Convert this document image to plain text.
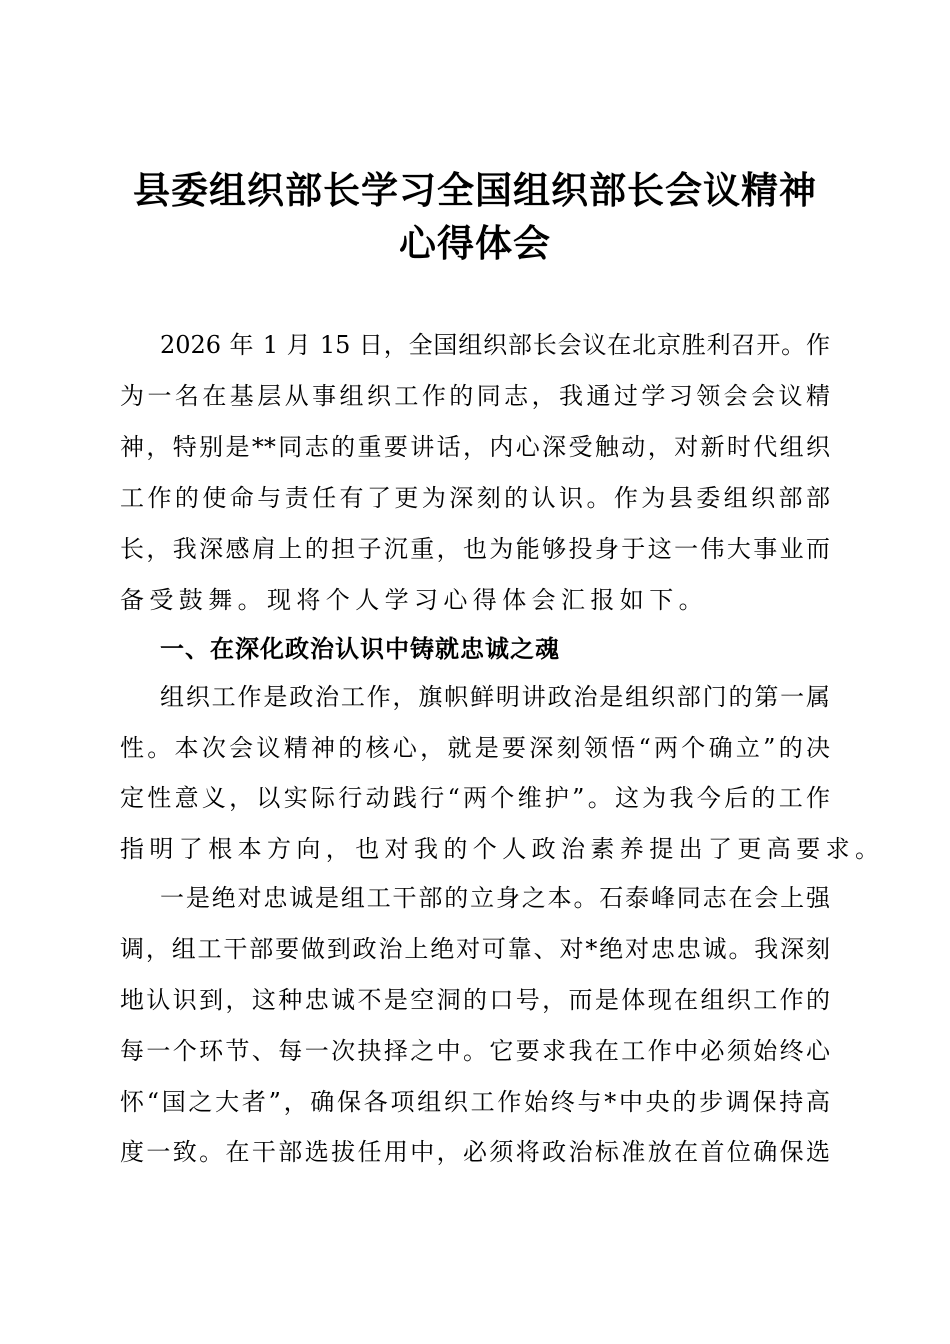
县委组织部长学习全国组织部长会议精神
心得体会
2026 年 1 月 15 日，全国组织部长会议在北京胜利召开。作
为一名在基层从事组织工作的同志，我通过学习领会会议精
神，特别是**同志的重要讲话，内心深受触动，对新时代组织
工作的使命与责任有了更为深刻的认识。作为县委组织部部
长，我深感肩上的担子沉重，也为能够投身于这一伟大事业而
备受鼓舞。现将个人学习心得体会汇报如下。
一、在深化政治认识中铸就忠诚之魂
组织工作是政治工作，旗帜鲜明讲政治是组织部门的第一属
性。本次会议精神的核心，就是要深刻领悟“两个确立”的决
定性意义，以实际行动践行“两个维护”。这为我今后的工作
指明了根本方向，也对我的个人政治素养提出了更高要求。
一是绝对忠诚是组工干部的立身之本。石泰峰同志在会上强
调，组工干部要做到政治上绝对可靠、对*绝对忠忠诚。我深刻
地认识到，这种忠诚不是空洞的口号，而是体现在组织工作的
每一个环节、每一次抉择之中。它要求我在工作中必须始终心
怀“国之大者”，确保各项组织工作始终与*中央的步调保持高
度一致。在干部选拔任用中，必须将政治标准放在首位确保选
